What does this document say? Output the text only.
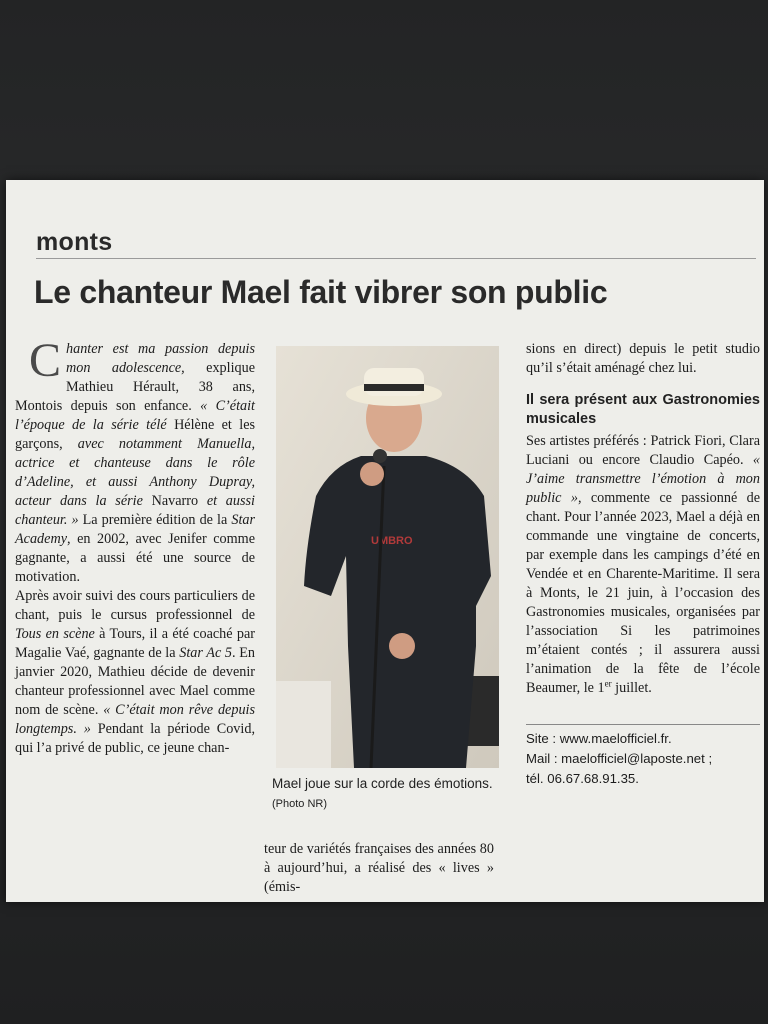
monts
Le chanteur Mael fait vibrer son public

Chanter est ma passion depuis mon adolescence, explique Mathieu Hérault, 38 ans, Montois depuis son enfance. « C’était l’époque de la série télé Hélène et les garçons, avec notamment Manuella, actrice et chanteuse dans le rôle d’Adeline, et aussi Anthony Dupray, acteur dans la série Navarro et aussi chanteur. » La première édition de la Star Academy, en 2002, avec Jenifer comme gagnante, a aussi été une source de motivation.

Après avoir suivi des cours particuliers de chant, puis le cursus professionnel de Tous en scène à Tours, il a été coaché par Magalie Vaé, gagnante de la Star Ac 5. En janvier 2020, Mathieu décide de devenir chanteur professionnel avec Mael comme nom de scène. « C’était mon rêve depuis longtemps. » Pendant la période Covid, qui l’a privé de public, ce jeune chan-

UMBRO
Mael joue sur la corde des émotions. (Photo NR)

teur de variétés françaises des années 80 à aujourd’hui, a réalisé des « lives » (émis-

sions en direct) depuis le petit studio qu’il s’était aménagé chez lui.

Il sera présent aux Gastronomies musicales

Ses artistes préférés : Patrick Fiori, Clara Luciani ou encore Claudio Capéo. « J’aime transmettre l’émotion à mon public », commente ce passionné de chant. Pour l’année 2023, Mael a déjà en commande une vingtaine de concerts, par exemple dans les campings d’été en Vendée et en Charente-Maritime. Il sera à Monts, le 21 juin, à l’occasion des Gastronomies musicales, organisées par l’association Si les patrimoines m’étaient contés ; il assurera aussi l’animation de la fête de l’école Beaumer, le 1er juillet.

Site : www.maelofficiel.fr.
Mail : maelofficiel@laposte.net ;
tél. 06.67.68.91.35.
